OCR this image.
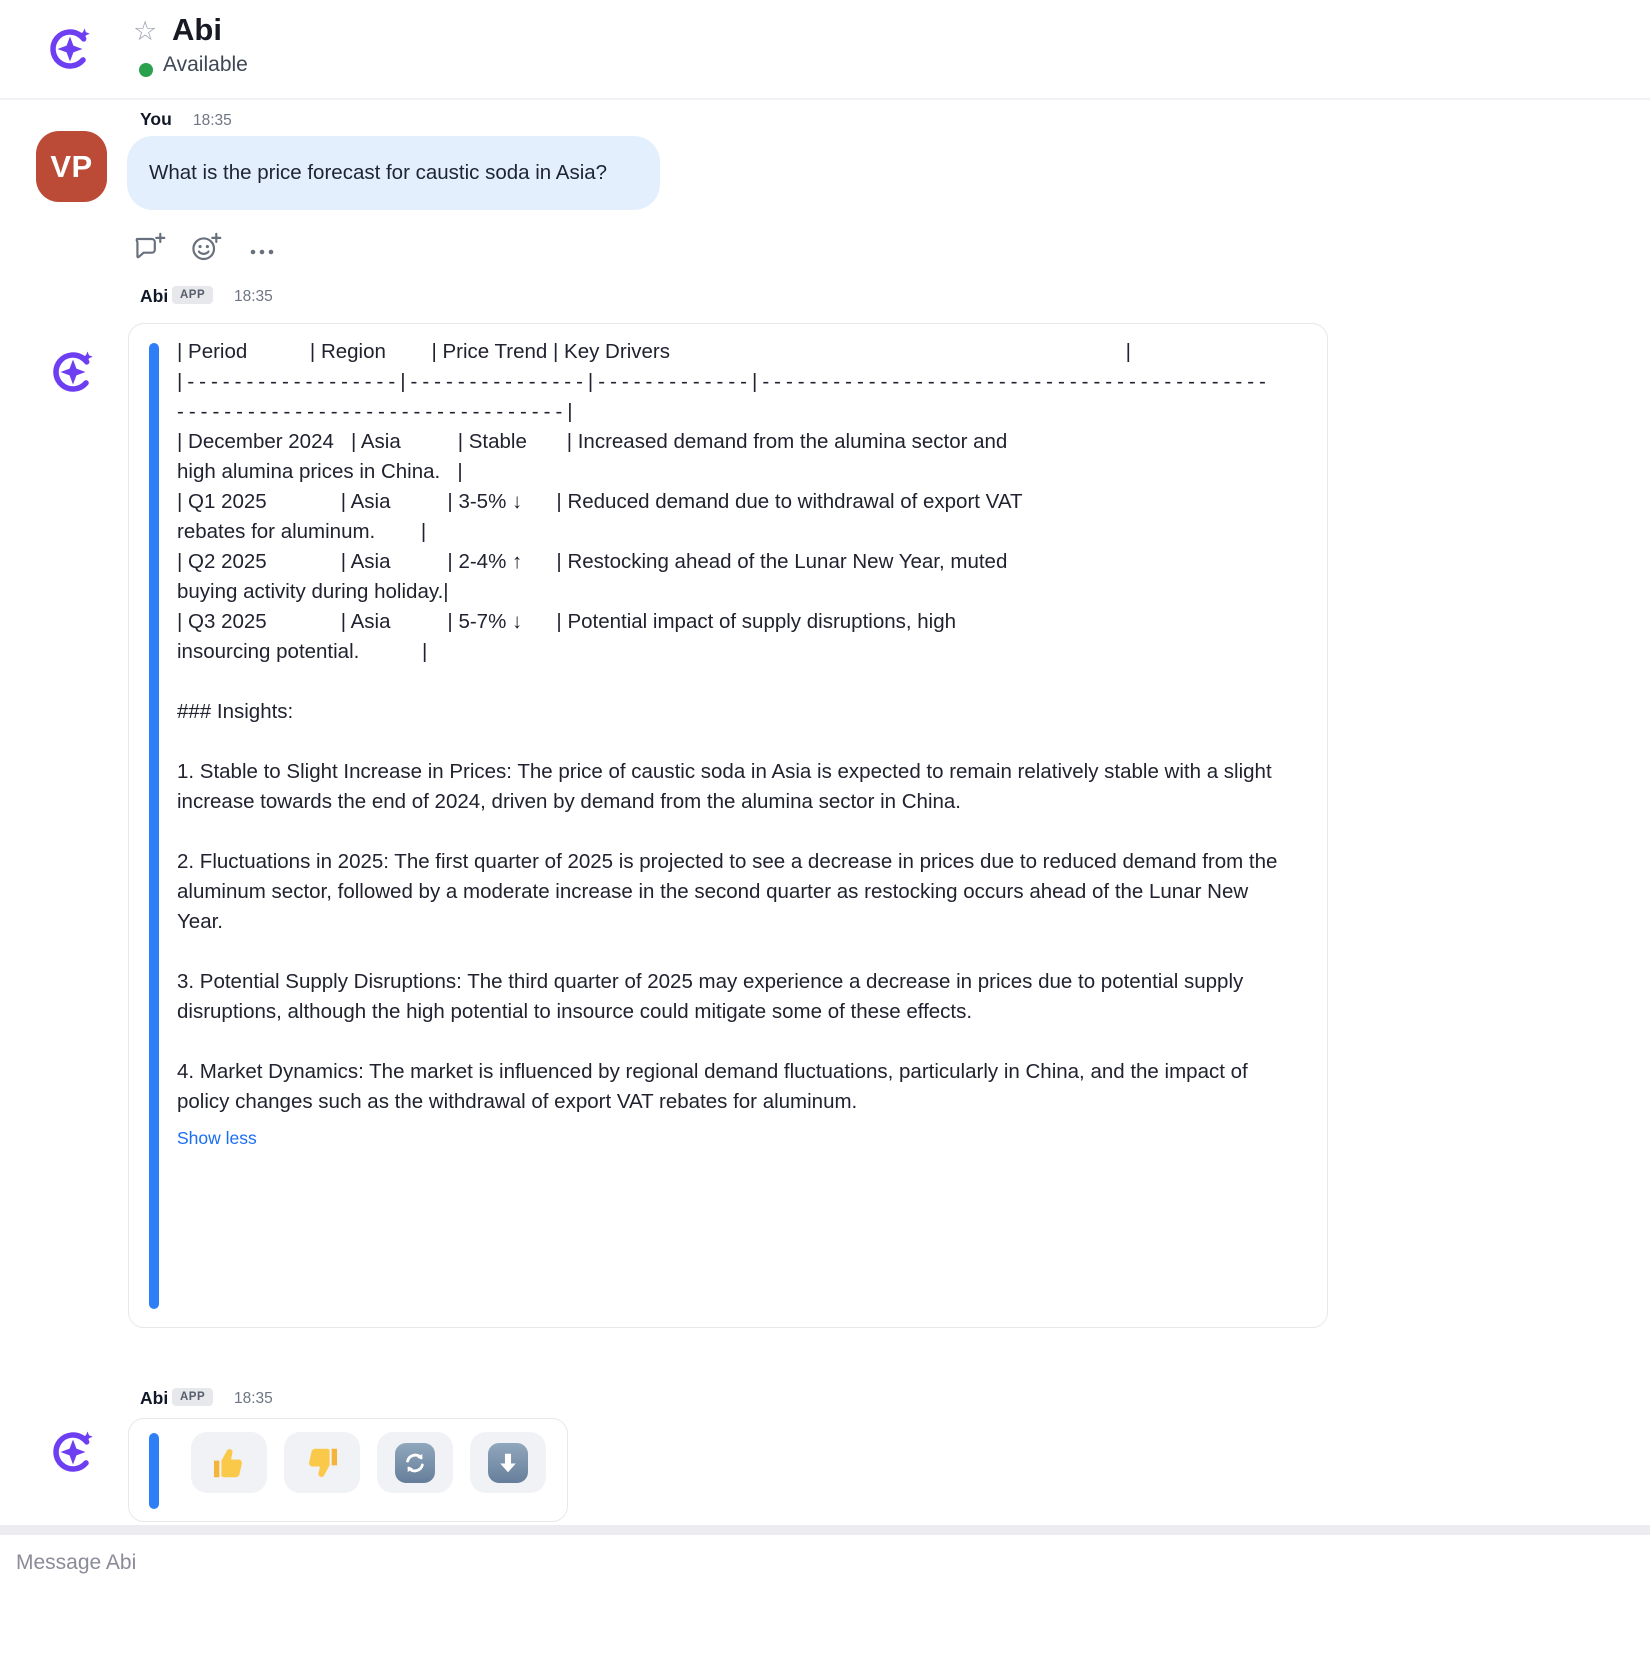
☆ Abi
Available
You 18:35
VP	What is the price forecast for caustic soda in Asia?
Abi	APP	18:35
| Period           | Region        | Price Trend | Key Drivers                                                                                |
|------------------|---------------|-------------|-------------------------------------------
---------------------------------|
| December 2024   | Asia          | Stable       | Increased demand from the alumina sector and
high alumina prices in China.   |
| Q1 2025             | Asia          | 3-5% ↓      | Reduced demand due to withdrawal of export VAT
rebates for aluminum.        |
| Q2 2025             | Asia          | 2-4% ↑      | Restocking ahead of the Lunar New Year, muted
buying activity during holiday.|
| Q3 2025             | Asia          | 5-7% ↓      | Potential impact of supply disruptions, high
insourcing potential.           |
### Insights:
1. Stable to Slight Increase in Prices: The price of caustic soda in Asia is expected to remain relatively stable with a slight increase towards the end of 2024, driven by demand from the alumina sector in China.
2. Fluctuations in 2025: The first quarter of 2025 is projected to see a decrease in prices due to reduced demand from the aluminum sector, followed by a moderate increase in the second quarter as restocking occurs ahead of the Lunar New Year.
3. Potential Supply Disruptions: The third quarter of 2025 may experience a decrease in prices due to potential supply disruptions, although the high potential to insource could mitigate some of these effects.
4. Market Dynamics: The market is influenced by regional demand fluctuations, particularly in China, and the impact of policy changes such as the withdrawal of export VAT rebates for aluminum.
Show less
Abi	APP	18:35
Message Abi
